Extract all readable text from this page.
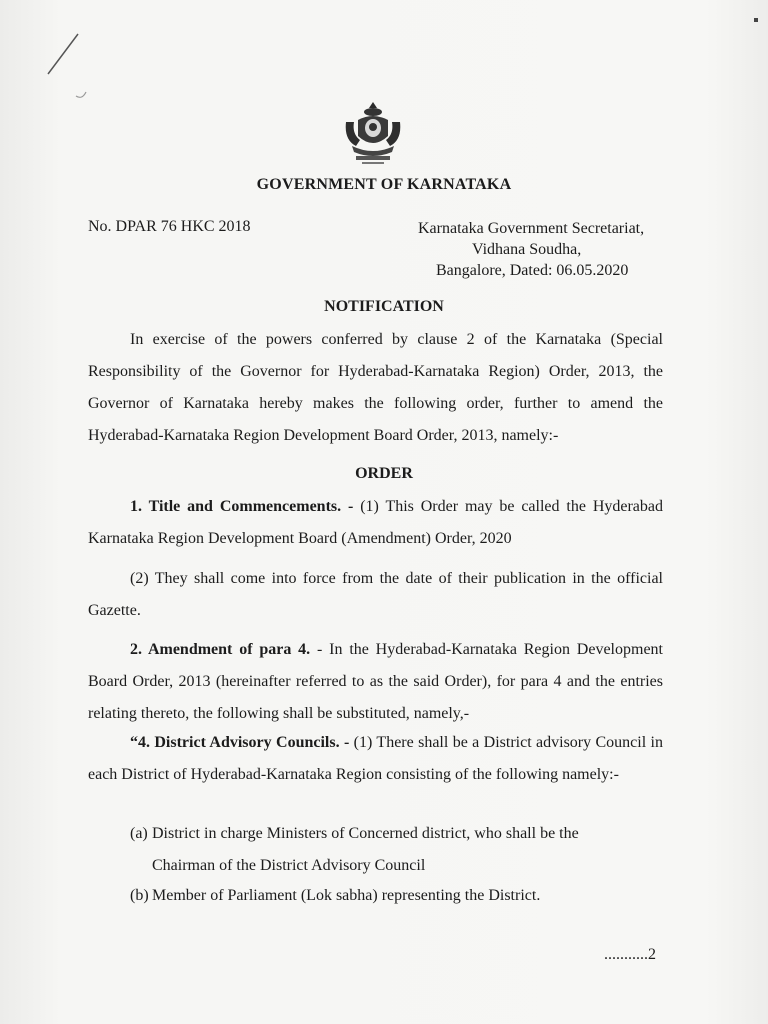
GOVERNMENT OF KARNATAKA
No. DPAR 76 HKC 2018	Karnataka Government Secretariat,
Vidhana Soudha,
Bangalore, Dated: 06.05.2020
NOTIFICATION
In exercise of the powers conferred by clause 2 of the Karnataka (Special Responsibility of the Governor for Hyderabad-Karnataka Region) Order, 2013, the Governor of Karnataka hereby makes the following order, further to amend the Hyderabad-Karnataka Region Development Board Order, 2013, namely:-
ORDER
1. Title and Commencements. - (1) This Order may be called the Hyderabad Karnataka Region Development Board (Amendment) Order, 2020
(2) They shall come into force from the date of their publication in the official Gazette.
2. Amendment of para 4. - In the Hyderabad-Karnataka Region Development Board Order, 2013 (hereinafter referred to as the said Order), for para 4 and the entries relating thereto, the following shall be substituted, namely,-
“4. District Advisory Councils. - (1) There shall be a District advisory Council in each District of Hyderabad-Karnataka Region consisting of the following namely:-
(a) District in charge Ministers of Concerned district, who shall be the
Chairman of the District Advisory Council
(b) Member of Parliament (Lok sabha) representing the District.
...........2
